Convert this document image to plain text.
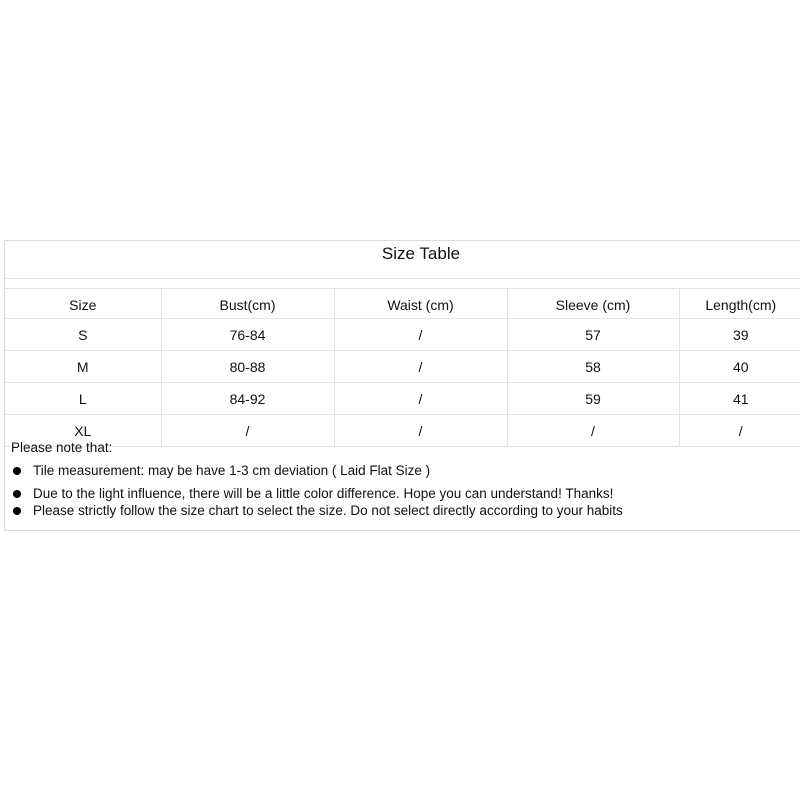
Size Table
Size	Bust(cm)	Waist (cm)	Sleeve (cm)	Length(cm)
S	76-84	/	57	39
M	80-88	/	58	40
L	84-92	/	59	41
XL	/	/	/	/
Please note that:
Tile measurement: may be have 1-3 cm deviation ( Laid Flat Size )
Due to the light influence, there will be a little color difference. Hope you can understand! Thanks!
Please strictly follow the size chart to select the size. Do not select directly according to your habits
